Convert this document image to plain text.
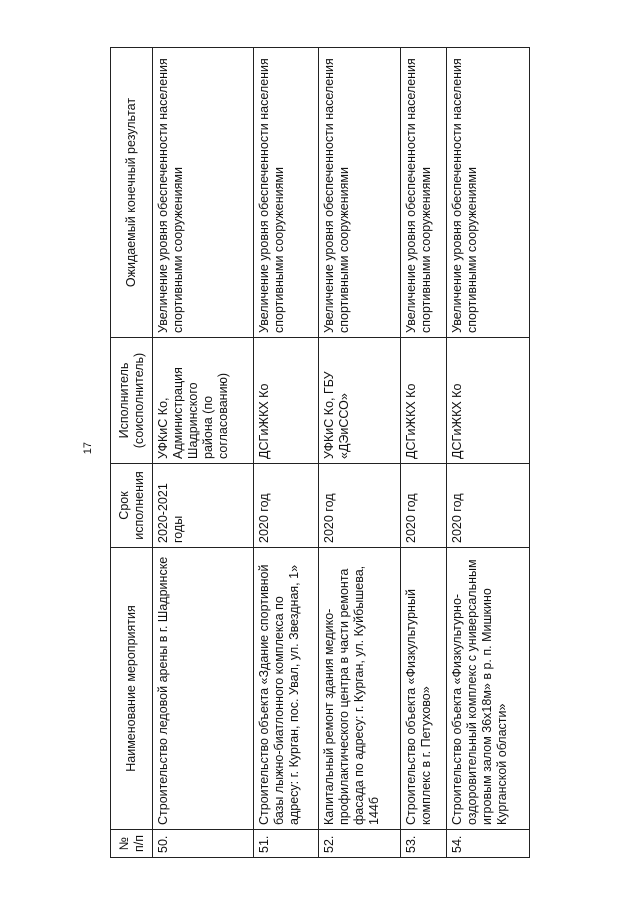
17
№ п/п	Наименование мероприятия	Срок исполнения	Исполнитель (соисполнитель)	Ожидаемый конечный результат
50.	Строительство ледовой арены в г. Шадринске	2020-2021 годы	УФКиС Ко, Администрация Шадринского района (по согласованию)	Увеличение уровня обеспеченности населения спортивными сооружениями
51.	Строительство объекта «Здание спортивной базы лыжно-биатлонного комплекса по адресу: г. Курган, пос. Увал, ул. Звездная, 1»	2020 год	ДСГиЖКХ Ко	Увеличение уровня обеспеченности населения спортивными сооружениями
52.	Капитальный ремонт здания медико-профилактического центра в части ремонта фасада по адресу: г. Курган, ул. Куйбышева, 144б	2020 год	УФКиС Ко, ГБУ «ДЭиССО»	Увеличение уровня обеспеченности населения спортивными сооружениями
53.	Строительство объекта «Физкультурный комплекс в г. Петухово»	2020 год	ДСГиЖКХ Ко	Увеличение уровня обеспеченности населения спортивными сооружениями
54.	Строительство объекта «Физкультурно-оздоровительный комплекс с универсальным игровым залом 36х18м» в р. п. Мишкино Курганской области»	2020 год	ДСГиЖКХ Ко	Увеличение уровня обеспеченности населения спортивными сооружениями
